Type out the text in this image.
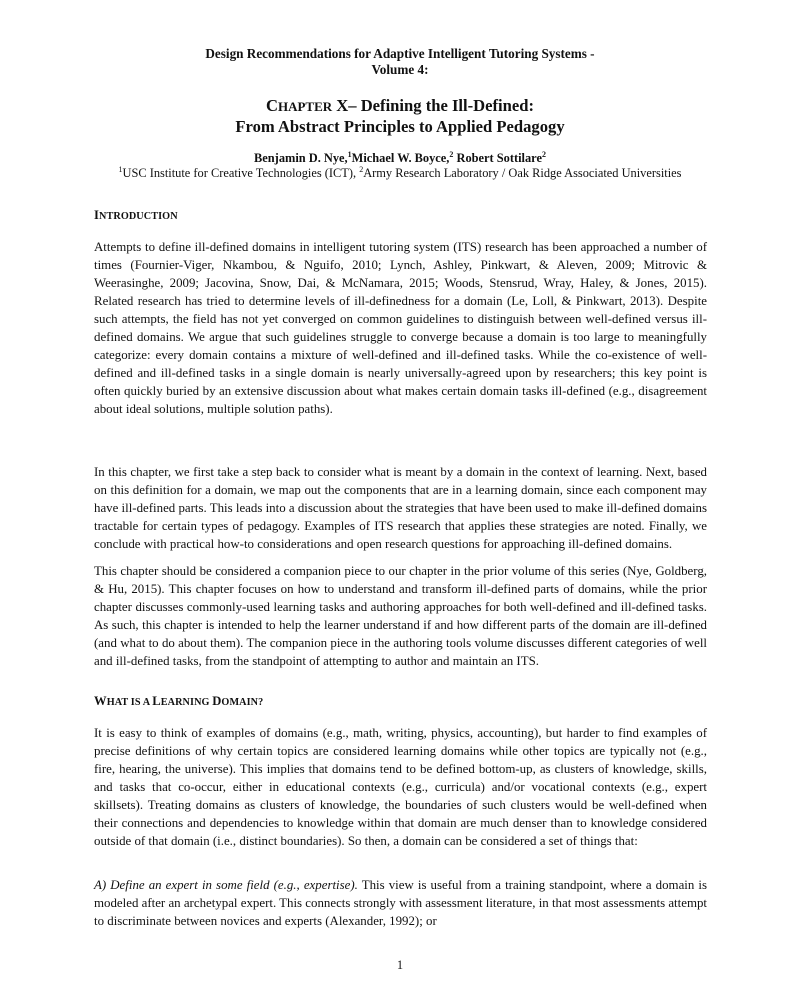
Design Recommendations for Adaptive Intelligent Tutoring Systems -
Volume 4:
CHAPTER X– Defining the Ill-Defined:
From Abstract Principles to Applied Pedagogy
Benjamin D. Nye,$^1$Michael W. Boyce,$^2$ Robert Sottilare$^2$
$^1$USC Institute for Creative Technologies (ICT), $^2$Army Research Laboratory / Oak Ridge Associated Universities
INTRODUCTION
Attempts to define ill-defined domains in intelligent tutoring system (ITS) research has been approached a number of times (Fournier-Viger, Nkambou, & Nguifo, 2010; Lynch, Ashley, Pinkwart, & Aleven, 2009; Mitrovic & Weerasinghe, 2009; Jacovina, Snow, Dai, & McNamara, 2015; Woods, Stensrud, Wray, Haley, & Jones, 2015). Related research has tried to determine levels of ill-definedness for a domain (Le, Loll, & Pinkwart, 2013). Despite such attempts, the field has not yet converged on common guidelines to distinguish between well-defined versus ill-defined domains. We argue that such guidelines struggle to converge because a domain is too large to meaningfully categorize: every domain contains a mixture of well-defined and ill-defined tasks. While the co-existence of well-defined and ill-defined tasks in a single domain is nearly universally-agreed upon by researchers; this key point is often quickly buried by an extensive discussion about what makes certain domain tasks ill-defined (e.g., disagreement about ideal solutions, multiple solution paths).
In this chapter, we first take a step back to consider what is meant by a domain in the context of learning. Next, based on this definition for a domain, we map out the components that are in a learning domain, since each component may have ill-defined parts. This leads into a discussion about the strategies that have been used to make ill-defined domains tractable for certain types of pedagogy. Examples of ITS research that applies these strategies are noted. Finally, we conclude with practical how-to considerations and open research questions for approaching ill-defined domains.
This chapter should be considered a companion piece to our chapter in the prior volume of this series (Nye, Goldberg, & Hu, 2015). This chapter focuses on how to understand and transform ill-defined parts of domains, while the prior chapter discusses commonly-used learning tasks and authoring approaches for both well-defined and ill-defined tasks. As such, this chapter is intended to help the learner understand if and how different parts of the domain are ill-defined (and what to do about them). The companion piece in the authoring tools volume discusses different categories of well and ill-defined tasks, from the standpoint of attempting to author and maintain an ITS.
WHAT IS A LEARNING DOMAIN?
It is easy to think of examples of domains (e.g., math, writing, physics, accounting), but harder to find examples of precise definitions of why certain topics are considered learning domains while other topics are typically not (e.g., fire, hearing, the universe). This implies that domains tend to be defined bottom-up, as clusters of knowledge, skills, and tasks that co-occur, either in educational contexts (e.g., curricula) and/or vocational contexts (e.g., expert skillsets). Treating domains as clusters of knowledge, the boundaries of such clusters would be well-defined when their connections and dependencies to knowledge within that domain are much denser than to knowledge considered outside of that domain (i.e., distinct boundaries). So then, a domain can be considered a set of things that:
A) Define an expert in some field (e.g., expertise). This view is useful from a training standpoint, where a domain is modeled after an archetypal expert. This connects strongly with assessment literature, in that most assessments attempt to discriminate between novices and experts (Alexander, 1992); or
1
